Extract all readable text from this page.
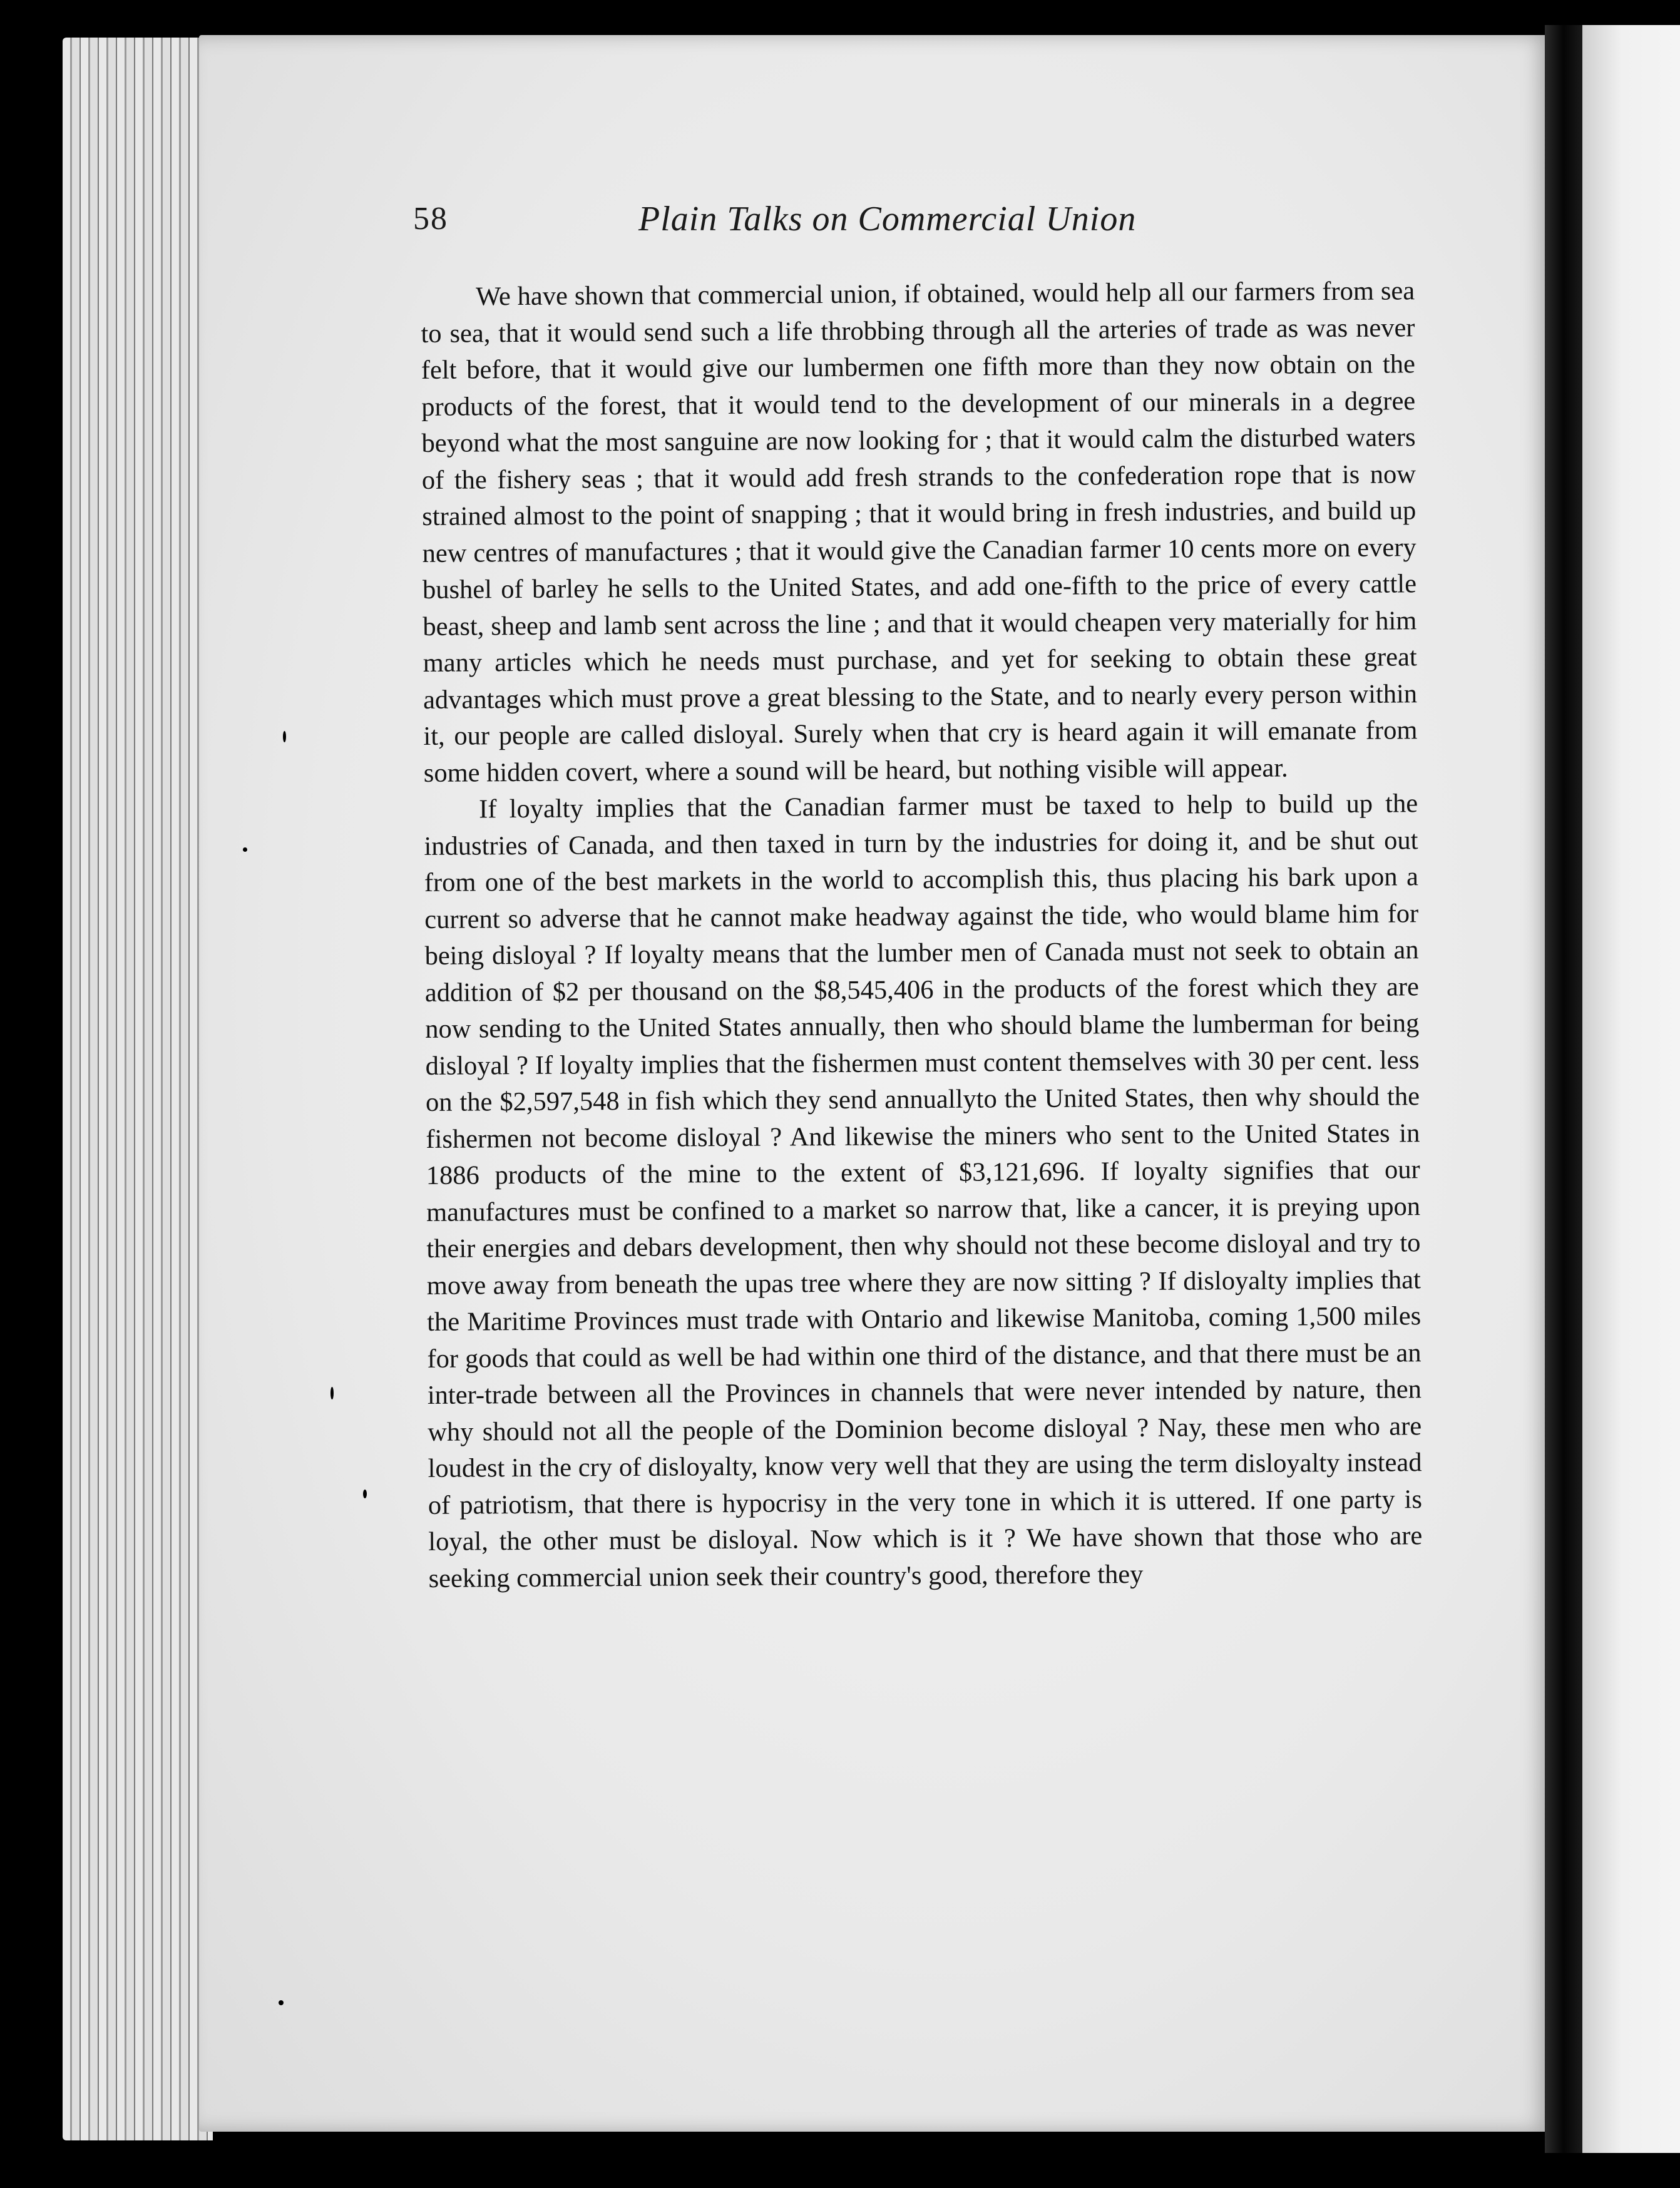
58	Plain Talks on Commercial Union

We have shown that commercial union, if obtained, would help all our farmers from sea to sea, that it would send such a life throbbing through all the arteries of trade as was never felt before, that it would give our lumbermen one fifth more than they now obtain on the products of the forest, that it would tend to the development of our minerals in a degree beyond what the most sanguine are now looking for ; that it would calm the disturbed waters of the fishery seas ; that it would add fresh strands to the confederation rope that is now strained almost to the point of snapping ; that it would bring in fresh industries, and build up new centres of manufactures ; that it would give the Canadian farmer 10 cents more on every bushel of barley he sells to the United States, and add one-fifth to the price of every cattle beast, sheep and lamb sent across the line ; and that it would cheapen very materially for him many articles which he needs must purchase, and yet for seeking to obtain these great advantages which must prove a great blessing to the State, and to nearly every person within it, our people are called disloyal. Surely when that cry is heard again it will emanate from some hidden covert, where a sound will be heard, but nothing visible will appear.

If loyalty implies that the Canadian farmer must be taxed to help to build up the industries of Canada, and then taxed in turn by the industries for doing it, and be shut out from one of the best markets in the world to accomplish this, thus placing his bark upon a current so adverse that he cannot make headway against the tide, who would blame him for being disloyal ? If loyalty means that the lumber men of Canada must not seek to obtain an addition of $2 per thousand on the $8,545,406 in the products of the forest which they are now sending to the United States annually, then who should blame the lumberman for being disloyal ? If loyalty implies that the fishermen must content themselves with 30 per cent. less on the $2,597,548 in fish which they send annuallyto the United States, then why should the fishermen not become disloyal ? And likewise the miners who sent to the United States in 1886 products of the mine to the extent of $3,121,696. If loyalty signifies that our manufactures must be confined to a market so narrow that, like a cancer, it is preying upon their energies and debars development, then why should not these become disloyal and try to move away from beneath the upas tree where they are now sitting ? If disloyalty implies that the Maritime Provinces must trade with Ontario and likewise Manitoba, coming 1,500 miles for goods that could as well be had within one third of the distance, and that there must be an inter-trade between all the Provinces in channels that were never intended by nature, then why should not all the people of the Dominion become disloyal ? Nay, these men who are loudest in the cry of disloyalty, know very well that they are using the term disloyalty instead of patriotism, that there is hypocrisy in the very tone in which it is uttered. If one party is loyal, the other must be disloyal. Now which is it ? We have shown that those who are seeking commercial union seek their country's good, therefore they
